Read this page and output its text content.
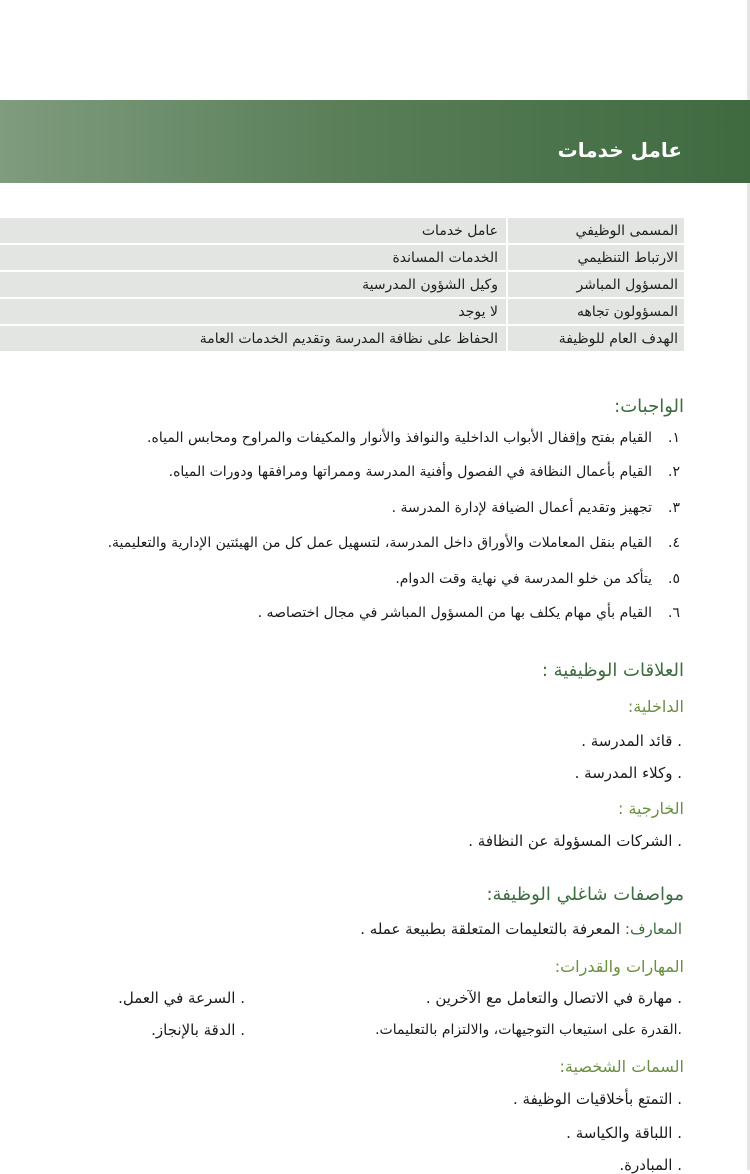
عامل خدمات
المسمى الوظيفي
عامل خدمات
الارتباط التنظيمي
الخدمات المساندة
المسؤول المباشر
وكيل الشؤون المدرسية
المسؤولون تجاهه
لا يوجد
الهدف العام للوظيفة
الحفاظ على نظافة المدرسة وتقديم الخدمات العامة
الواجبات:
١.
القيام بفتح وإقفال الأبواب الداخلية والنوافذ والأنوار والمكيفات والمراوح ومحابس المياه.
٢.
القيام بأعمال النظافة في الفصول وأفنية المدرسة وممراتها ومرافقها ودورات المياه.
٣.
تجهيز وتقديم أعمال الضيافة لإدارة المدرسة .
٤.
القيام بنقل المعاملات والأوراق داخل المدرسة، لتسهيل عمل كل من الهيئتين الإدارية والتعليمية.
٥.
يتأكد من خلو المدرسة في نهاية وقت الدوام.
٦.
القيام بأي مهام يكلف بها من المسؤول المباشر في مجال اختصاصه .
العلاقات الوظيفية :
الداخلية:
. قائد المدرسة .
. وكلاء المدرسة .
الخارجية :
. الشركات المسؤولة عن النظافة .
مواصفات شاغلي الوظيفة:
المعارف: المعرفة بالتعليمات المتعلقة بطبيعة عمله .
المهارات والقدرات:
. مهارة في الاتصال والتعامل مع الآخرين .
. السرعة في العمل.
.القدرة على استيعاب التوجيهات، والالتزام بالتعليمات.
. الدقة بالإنجاز.
السمات الشخصية:
. التمتع بأخلاقيات الوظيفة .
. اللباقة والكياسة .
. المبادرة.
